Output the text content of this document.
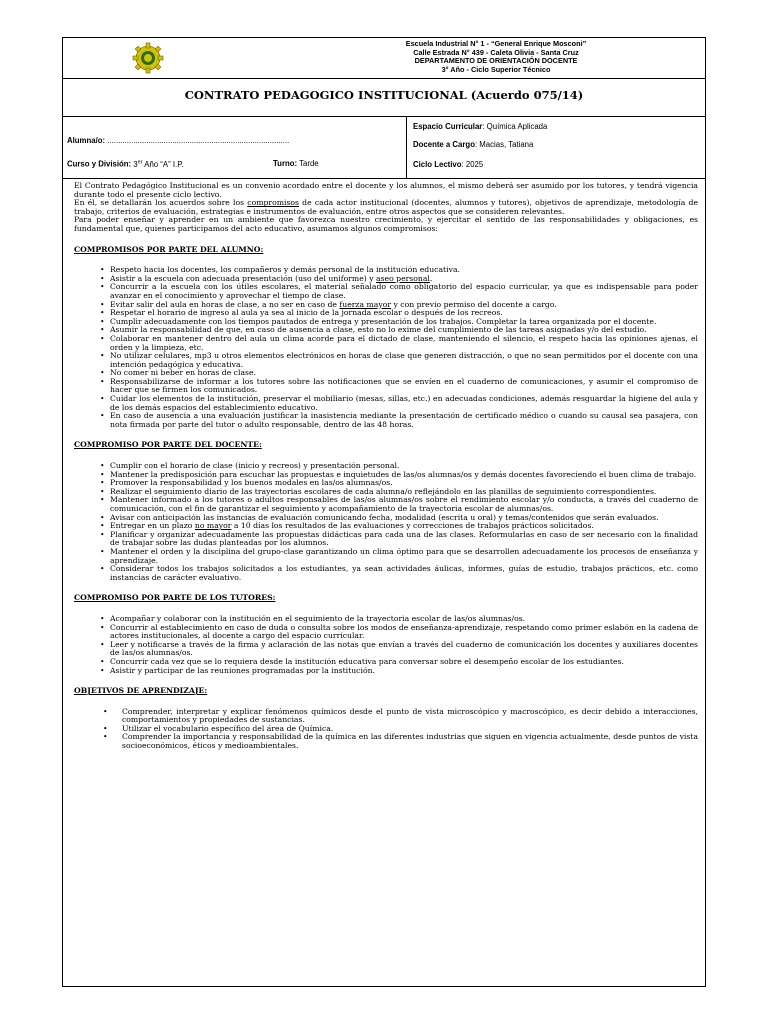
Escuela Industrial N° 1 - “General Enrique Mosconi”
Calle Estrada N° 439 - Caleta Olivia - Santa Cruz
DEPARTAMENTO DE ORIENTACIÓN DOCENTE
3° Año - Ciclo Superior Técnico
CONTRATO PEDAGOGICO INSTITUCIONAL (Acuerdo 075/14)
Alumna/o: ....................................................................................
Curso y División: 3er Año “A” I.P.	Turno: Tarde
Espacio Curricular: Química Aplicada
Docente a Cargo: Macias, Tatiana
Ciclo Lectivo: 2025

El Contrato Pedagógico Institucional es un convenio acordado entre el docente y los alumnos, el mismo deberá ser asumido por los tutores, y tendrá vigencia durante todo el presente ciclo lectivo.

En él, se detallarán los acuerdos sobre los compromisos de cada actor institucional (docentes, alumnos y tutores), objetivos de aprendizaje, metodología de trabajo, criterios de evaluación, estrategias e instrumentos de evaluación, entre otros aspectos que se consideren relevantes.

Para poder enseñar y aprender en un ambiente que favorezca nuestro crecimiento, y ejercitar el sentido de las responsabilidades y obligaciones, es fundamental que, quienes participamos del acto educativo, asumamos algunos compromisos:

COMPROMISOS POR PARTE DEL ALUMNO:
• Respeto hacia los docentes, los compañeros y demás personal de la institución educativa.
• Asistir a la escuela con adecuada presentación (uso del uniforme) y aseo personal.
• Concurrir a la escuela con los útiles escolares, el material señalado como obligatorio del espacio curricular, ya que es indispensable para poder avanzar en el conocimiento y aprovechar el tiempo de clase.
• Evitar salir del aula en horas de clase, a no ser en caso de fuerza mayor y con previo permiso del docente a cargo.
• Respetar el horario de ingreso al aula ya sea al inicio de la jornada escolar o después de los recreos.
• Cumplir adecuadamente con los tiempos pautados de entrega y presentación de los trabajos. Completar la tarea organizada por el docente.
• Asumir la responsabilidad de que, en caso de ausencia a clase, esto no lo exime del cumplimiento de las tareas asignadas y/o del estudio.
• Colaborar en mantener dentro del aula un clima acorde para el dictado de clase, manteniendo el silencio, el respeto hacia las opiniones ajenas, el orden y la limpieza, etc.
• No utilizar celulares, mp3 u otros elementos electrónicos en horas de clase que generen distracción, o que no sean permitidos por el docente con una intención pedagógica y educativa.
• No comer ni beber en horas de clase.
• Responsabilizarse de informar a los tutores sobre las notificaciones que se envíen en el cuaderno de comunicaciones, y asumir el compromiso de hacer que se firmen los comunicados.
• Cuidar los elementos de la institución, preservar el mobiliario (mesas, sillas, etc.) en adecuadas condiciones, además resguardar la higiene del aula y de los demás espacios del establecimiento educativo.
• En caso de ausencia a una evaluación justificar la inasistencia mediante la presentación de certificado médico o cuando su causal sea pasajera, con nota firmada por parte del tutor o adulto responsable, dentro de las 48 horas.
COMPROMISO POR PARTE DEL DOCENTE:
• Cumplir con el horario de clase (inicio y recreos) y presentación personal.
• Mantener la predisposición para escuchar las propuestas e inquietudes de las/os alumnas/os y demás docentes favoreciendo el buen clima de trabajo.
• Promover la responsabilidad y los buenos modales en las/os alumnas/os.
• Realizar el seguimiento diario de las trayectorias escolares de cada alumna/o reflejándolo en las planillas de seguimiento correspondientes.
• Mantener informado a los tutores o adultos responsables de las/os alumnas/os sobre el rendimiento escolar y/o conducta, a través del cuaderno de comunicación, con el fin de garantizar el seguimiento y acompañamiento de la trayectoria escolar de alumnas/os.
• Avisar con anticipación las instancias de evaluación comunicando fecha, modalidad (escrita u oral) y temas/contenidos que serán evaluados.
• Entregar en un plazo no mayor a 10 días los resultados de las evaluaciones y correcciones de trabajos prácticos solicitados.
• Planificar y organizar adecuadamente las propuestas didácticas para cada una de las clases. Reformularlas en caso de ser necesario con la finalidad de trabajar sobre las dudas planteadas por los alumnos.
• Mantener el orden y la disciplina del grupo-clase garantizando un clima óptimo para que se desarrollen adecuadamente los procesos de enseñanza y aprendizaje.
• Considerar todos los trabajos solicitados a los estudiantes, ya sean actividades áulicas, informes, guías de estudio, trabajos prácticos, etc. como instancias de carácter evaluativo.
COMPROMISO POR PARTE DE LOS TUTORES:
• Acompañar y colaborar con la institución en el seguimiento de la trayectoria escolar de las/os alumnas/os.
• Concurrir al establecimiento en caso de duda o consulta sobre los modos de enseñanza-aprendizaje, respetando como primer eslabón en la cadena de actores institucionales, al docente a cargo del espacio curricular.
• Leer y notificarse a través de la firma y aclaración de las notas que envían a través del cuaderno de comunicación los docentes y auxiliares docentes de las/os alumnas/os.
• Concurrir cada vez que se lo requiera desde la institución educativa para conversar sobre el desempeño escolar de los estudiantes.
• Asistir y participar de las reuniones programadas por la institución.
OBJETIVOS DE APRENDIZAJE:
• Comprender, interpretar y explicar fenómenos químicos desde el punto de vista microscópico y macroscópico, es decir debido a interacciones, comportamientos y propiedades de sustancias.
• Utilizar el vocabulario específico del área de Química.
• Comprender la importancia y responsabilidad de la química en las diferentes industrias que siguen en vigencia actualmente, desde puntos de vista socioeconómicos, éticos y medioambientales.
